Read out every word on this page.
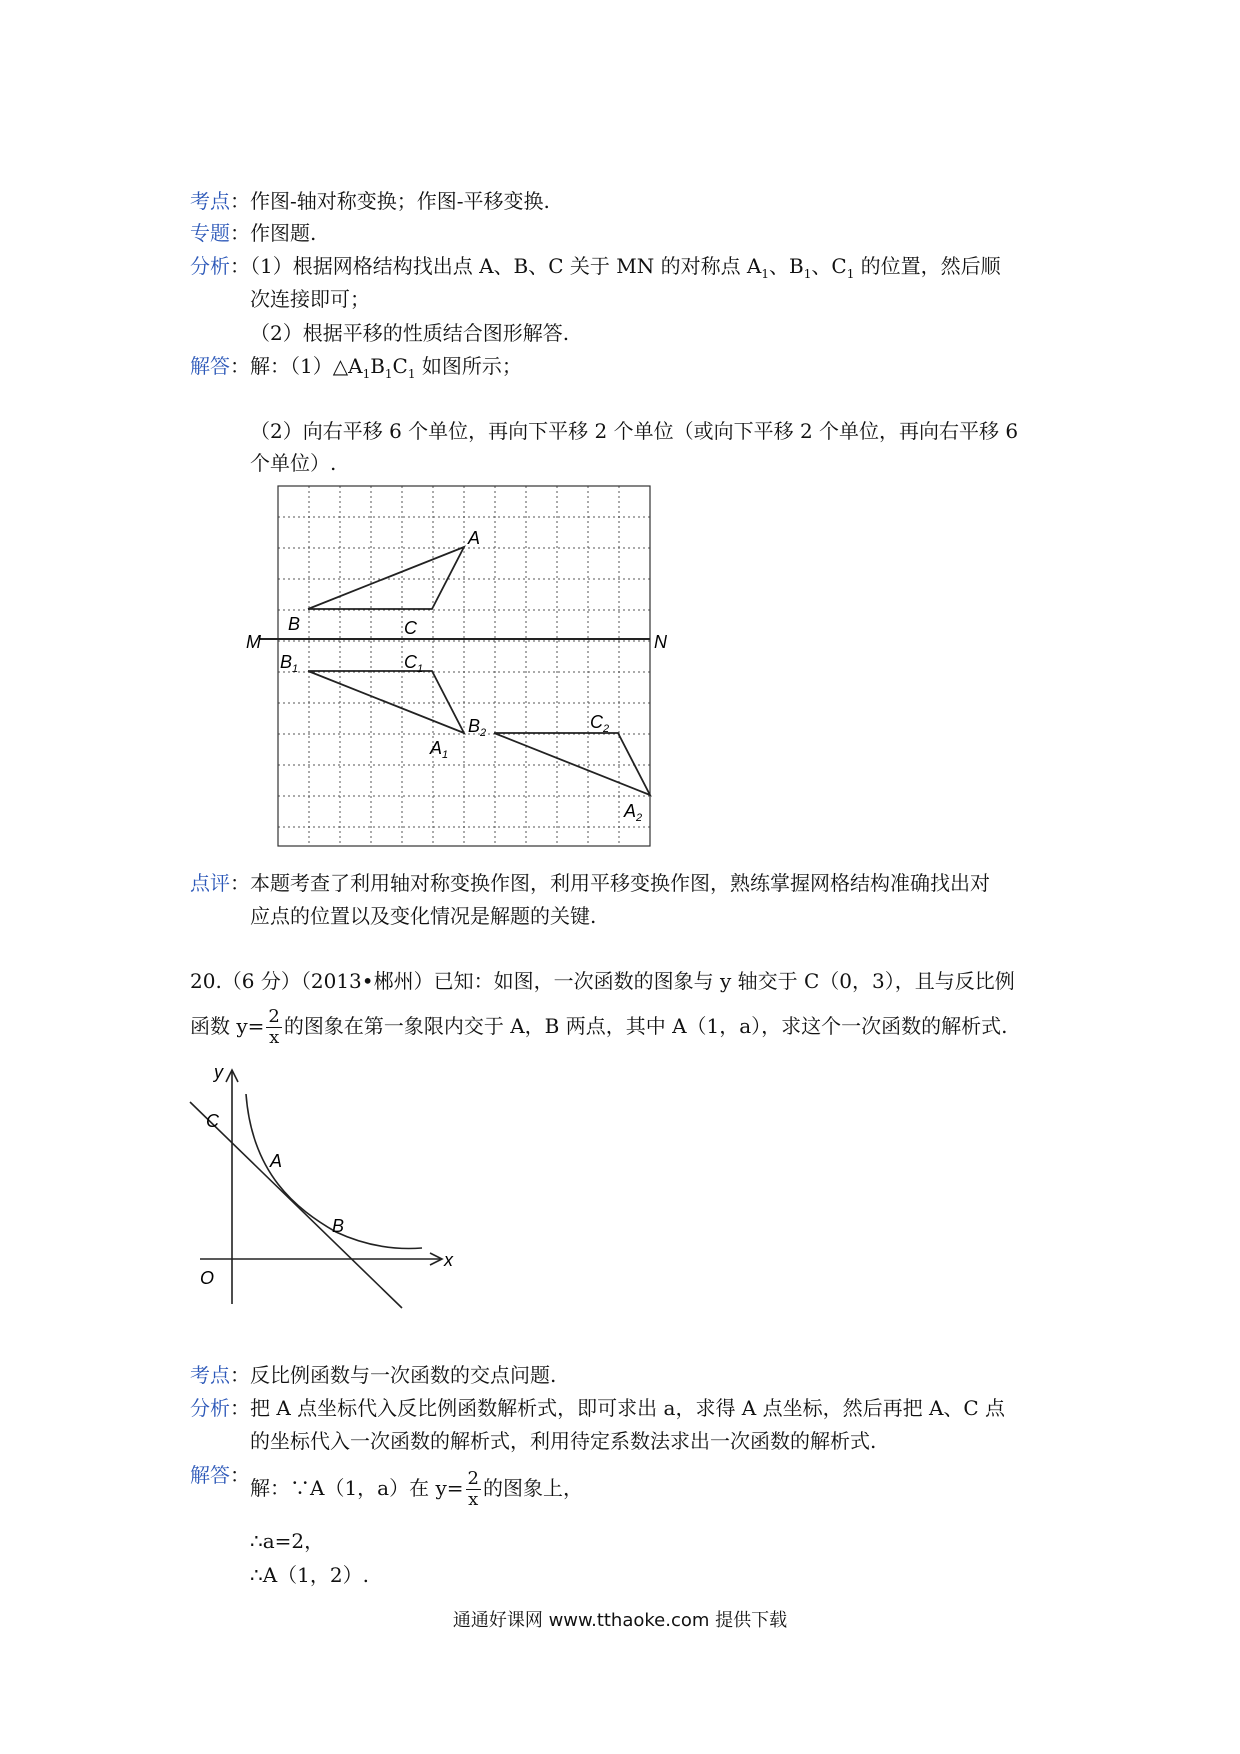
考点：作图-轴对称变换；作图-平移变换.
专题：作图题.
分析：（1）根据网格结构找出点 A、B、C 关于 MN 的对称点 $A_1$、$B_1$、$C_1$ 的位置，然后顺
次连接即可；
（2）根据平移的性质结合图形解答.
解答：解：$(1)\triangle A_1B_1C_1$ 如图所示；
（2）向右平移 6 个单位，再向下平移 2 个单位（或向下平移 2 个单位，再向右平移 6
个单位）.
A
B	C
M	N
$B_1$	$C_1$
$A_1$
$B_2$
$C_2$
$A_2$
点评：本题考查了利用轴对称变换作图，利用平移变换作图，熟练掌握网格结构准确找出对
应点的位置以及变化情况是解题的关键.
20.（6 分）（2013•郴州）已知：如图，一次函数的图象与 y 轴交于 C（0，3），且与反比例
函数 $y= \frac{2}{x}$ 的图象在第一象限内交于 A，B 两点，其中 A（1，a），求这个一次函数的解析式.
y
x
O
C
A
B
考点：反比例函数与一次函数的交点问题.
分析：把 A 点坐标代入反比例函数解析式，即可求出 a，求得 A 点坐标，然后再把 A、C 点
的坐标代入一次函数的解析式，利用待定系数法求出一次函数的解析式.
解答：
解：∵A（1，a）在 $y= \frac{2}{x}$ 的图象上，
∴a=2，
∴A（1，2）.
通通好课网 www.tthaoke.com 提供下载
